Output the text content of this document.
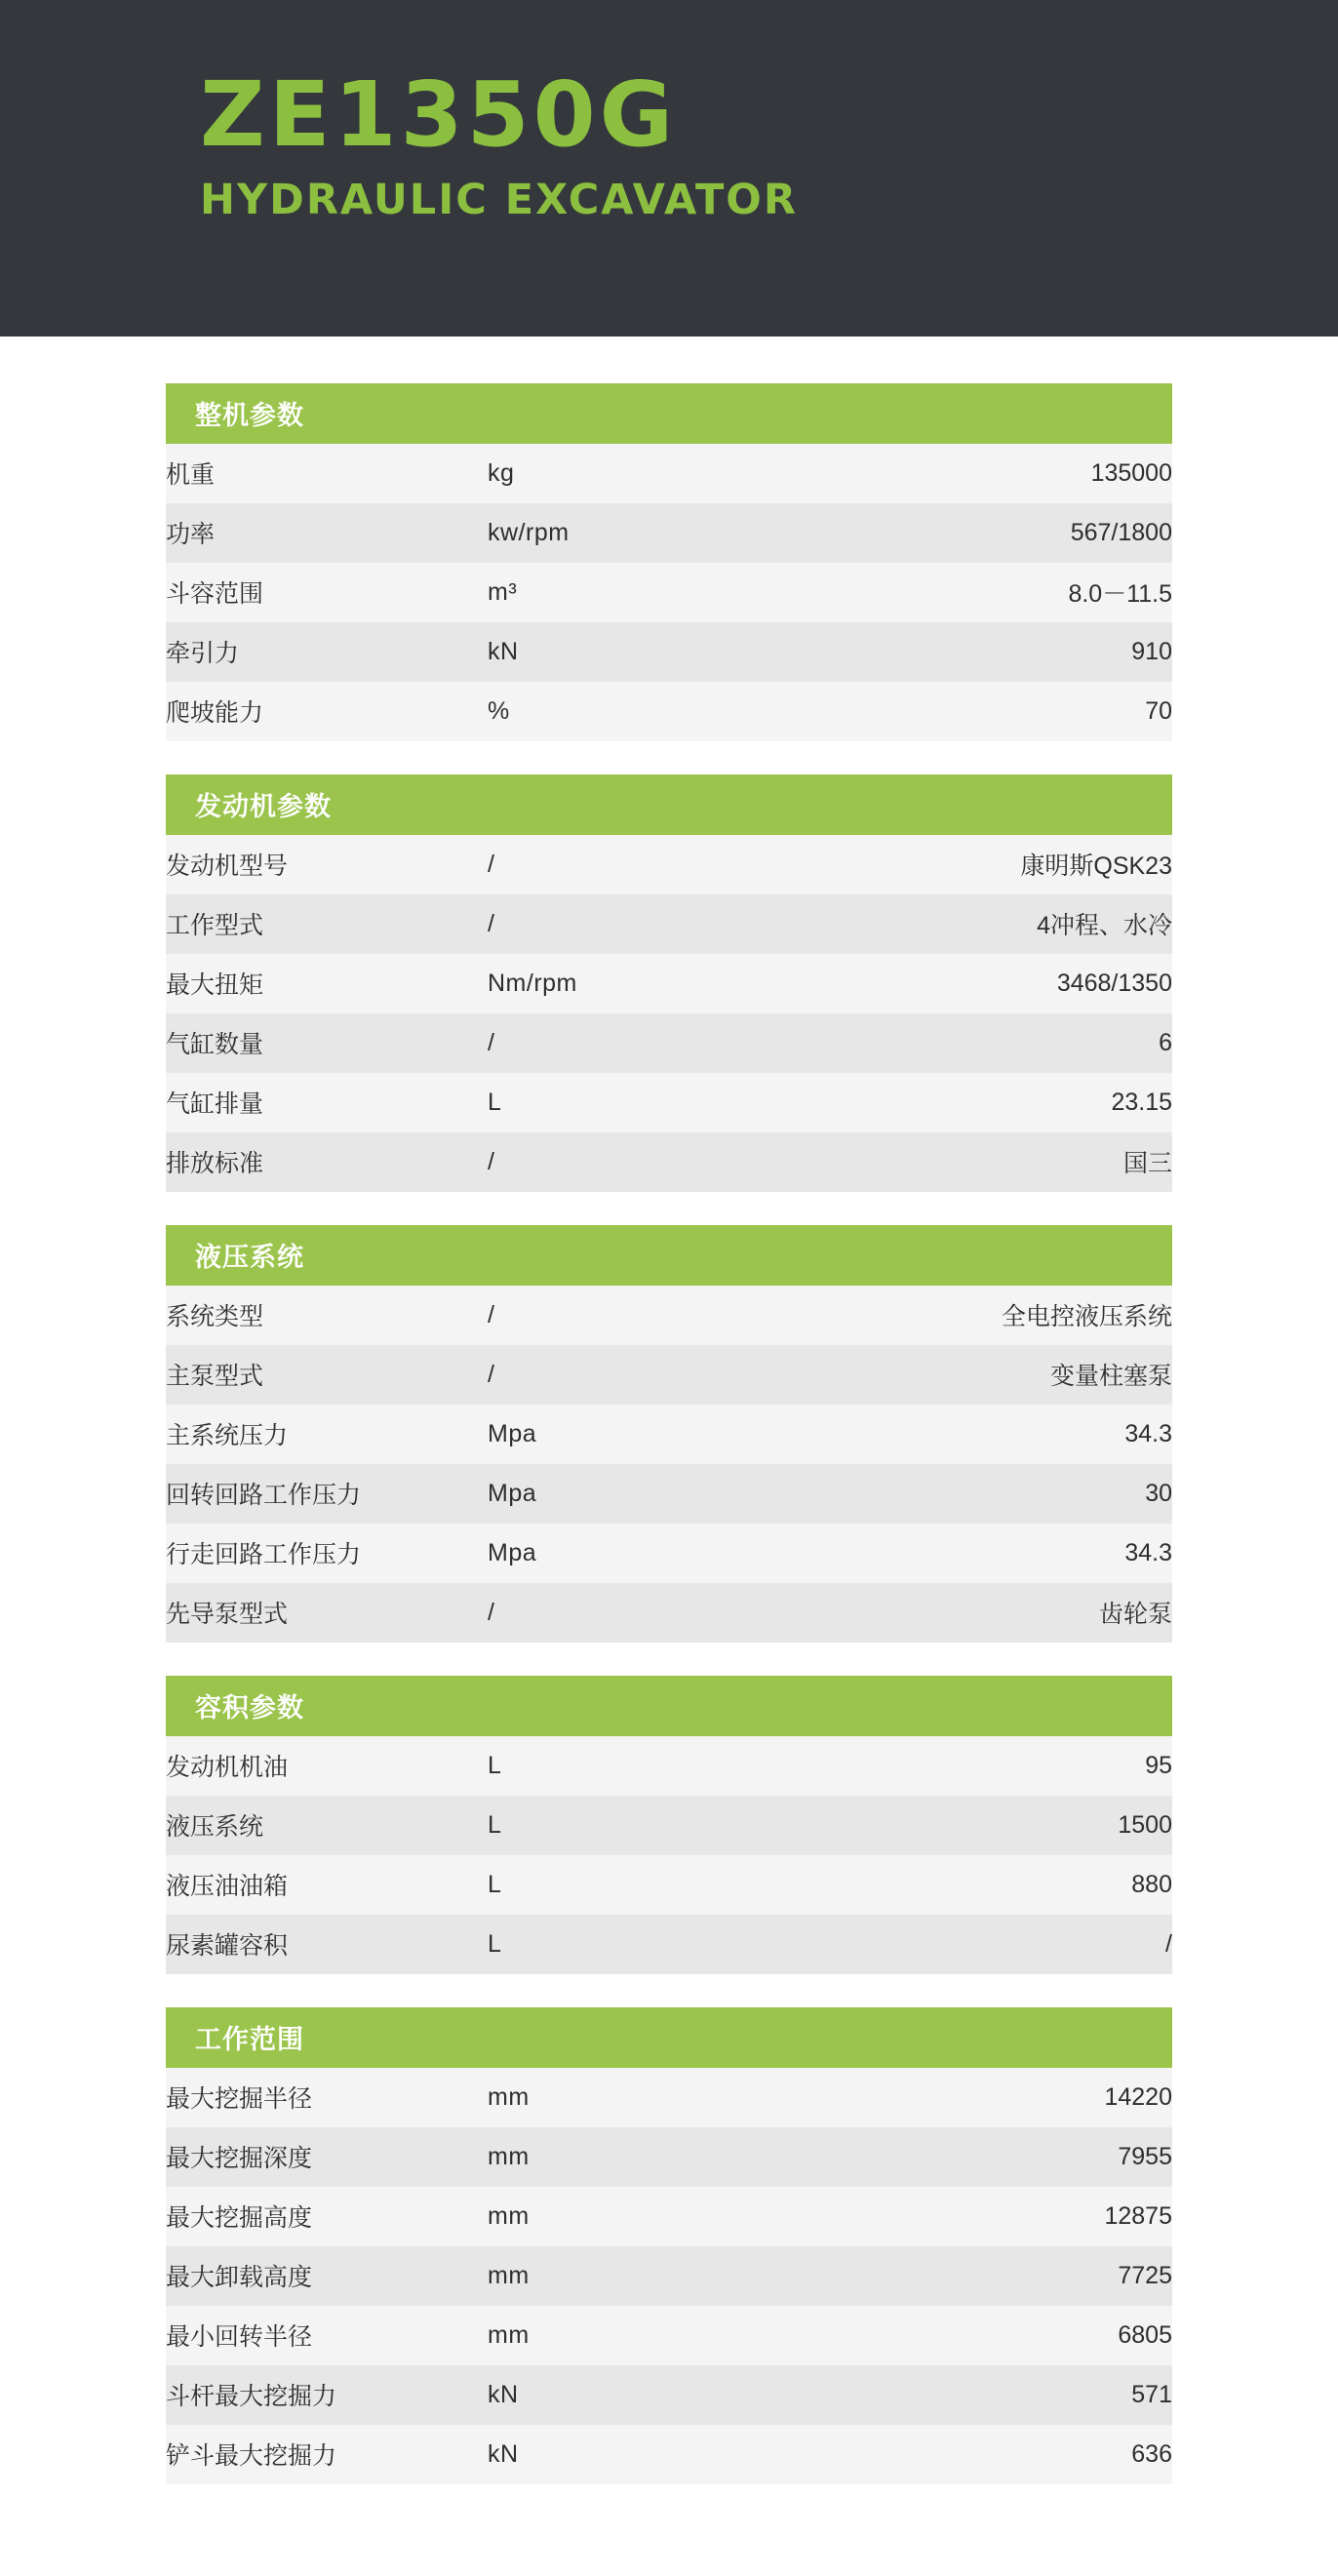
ZE1350G
HYDRAULIC EXCAVATOR
整机参数
机重	kg	135000
功率	kw/rpm	567/1800
斗容范围	m³	8.0－11.5
牵引力	kN	910
爬坡能力	%	70
发动机参数
发动机型号	/	康明斯QSK23
工作型式	/	4冲程、水冷
最大扭矩	Nm/rpm	3468/1350
气缸数量	/	6
气缸排量	L	23.15
排放标准	/	国三
液压系统
系统类型	/	全电控液压系统
主泵型式	/	变量柱塞泵
主系统压力	Mpa	34.3
回转回路工作压力	Mpa	30
行走回路工作压力	Mpa	34.3
先导泵型式	/	齿轮泵
容积参数
发动机机油	L	95
液压系统	L	1500
液压油油箱	L	880
尿素罐容积	L	/
工作范围
最大挖掘半径	mm	14220
最大挖掘深度	mm	7955
最大挖掘高度	mm	12875
最大卸载高度	mm	7725
最小回转半径	mm	6805
斗杆最大挖掘力	kN	571
铲斗最大挖掘力	kN	636
